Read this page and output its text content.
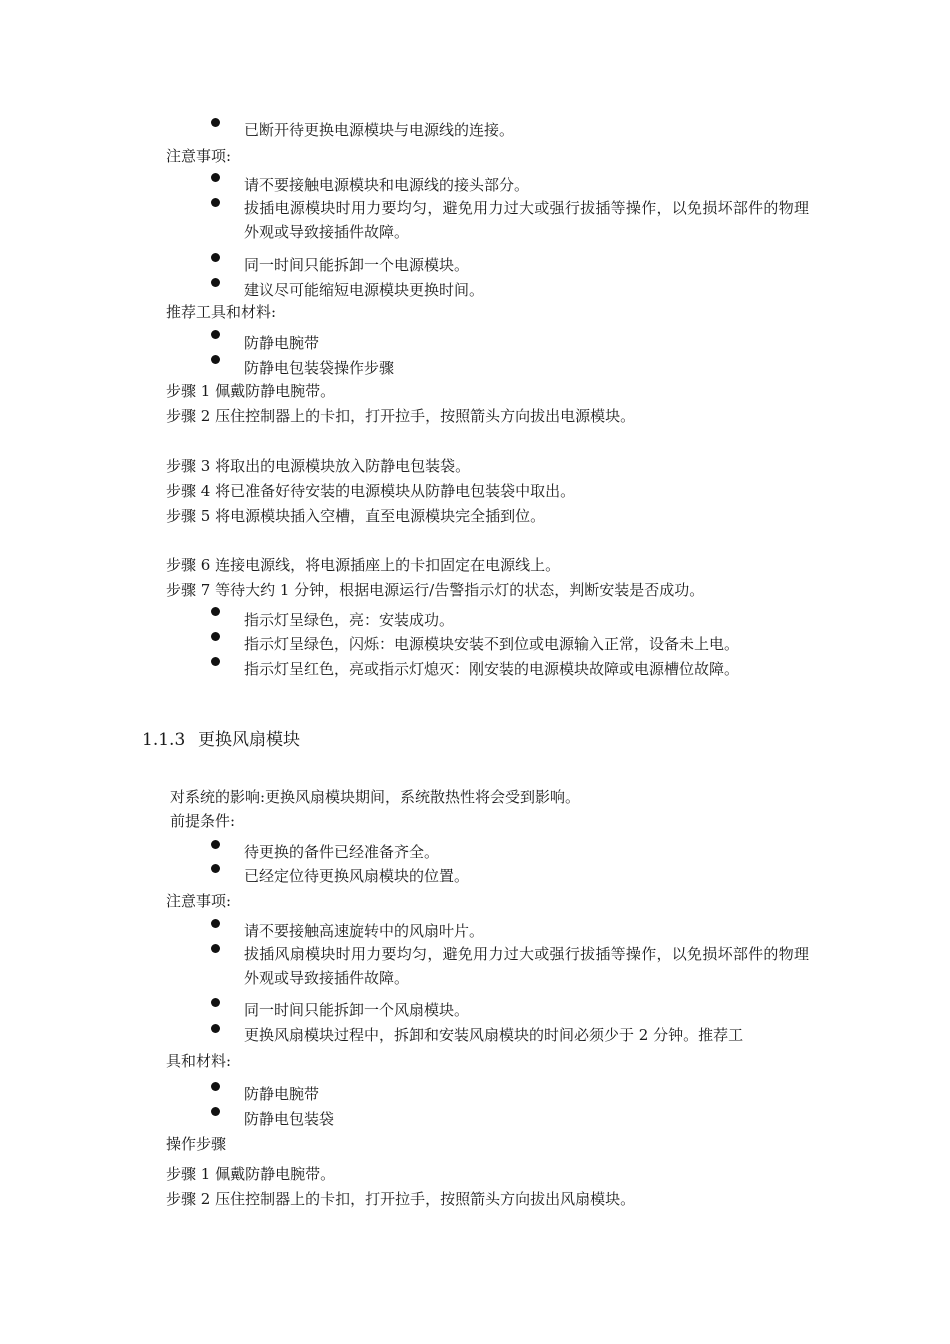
已断开待更换电源模块与电源线的连接。
注意事项:
请不要接触电源模块和电源线的接头部分。
拔插电源模块时用力要均匀，避免用力过大或强行拔插等操作，以免损坏部件的物理外观或导致接插件故障。
同一时间只能拆卸一个电源模块。
建议尽可能缩短电源模块更换时间。
推荐工具和材料:
防静电腕带
防静电包装袋操作步骤
步骤 1 佩戴防静电腕带。
步骤 2 压住控制器上的卡扣，打开拉手，按照箭头方向拔出电源模块。
步骤 3 将取出的电源模块放入防静电包装袋。
步骤 4 将已准备好待安装的电源模块从防静电包装袋中取出。
步骤 5 将电源模块插入空槽，直至电源模块完全插到位。
步骤 6 连接电源线，将电源插座上的卡扣固定在电源线上。
步骤 7 等待大约 1 分钟，根据电源运行/告警指示灯的状态，判断安装是否成功。
指示灯呈绿色，亮：安装成功。
指示灯呈绿色，闪烁：电源模块安装不到位或电源输入正常，设备未上电。
指示灯呈红色，亮或指示灯熄灭：刚安装的电源模块故障或电源槽位故障。
1.1.3 更换风扇模块
对系统的影响:更换风扇模块期间，系统散热性将会受到影响。
前提条件:
待更换的备件已经准备齐全。
已经定位待更换风扇模块的位置。
注意事项:
请不要接触高速旋转中的风扇叶片。
拔插风扇模块时用力要均匀，避免用力过大或强行拔插等操作，以免损坏部件的物理外观或导致接插件故障。
同一时间只能拆卸一个风扇模块。
更换风扇模块过程中，拆卸和安装风扇模块的时间必须少于 2 分钟。推荐工
具和材料:
防静电腕带
防静电包装袋
操作步骤
步骤 1 佩戴防静电腕带。
步骤 2 压住控制器上的卡扣，打开拉手，按照箭头方向拔出风扇模块。
